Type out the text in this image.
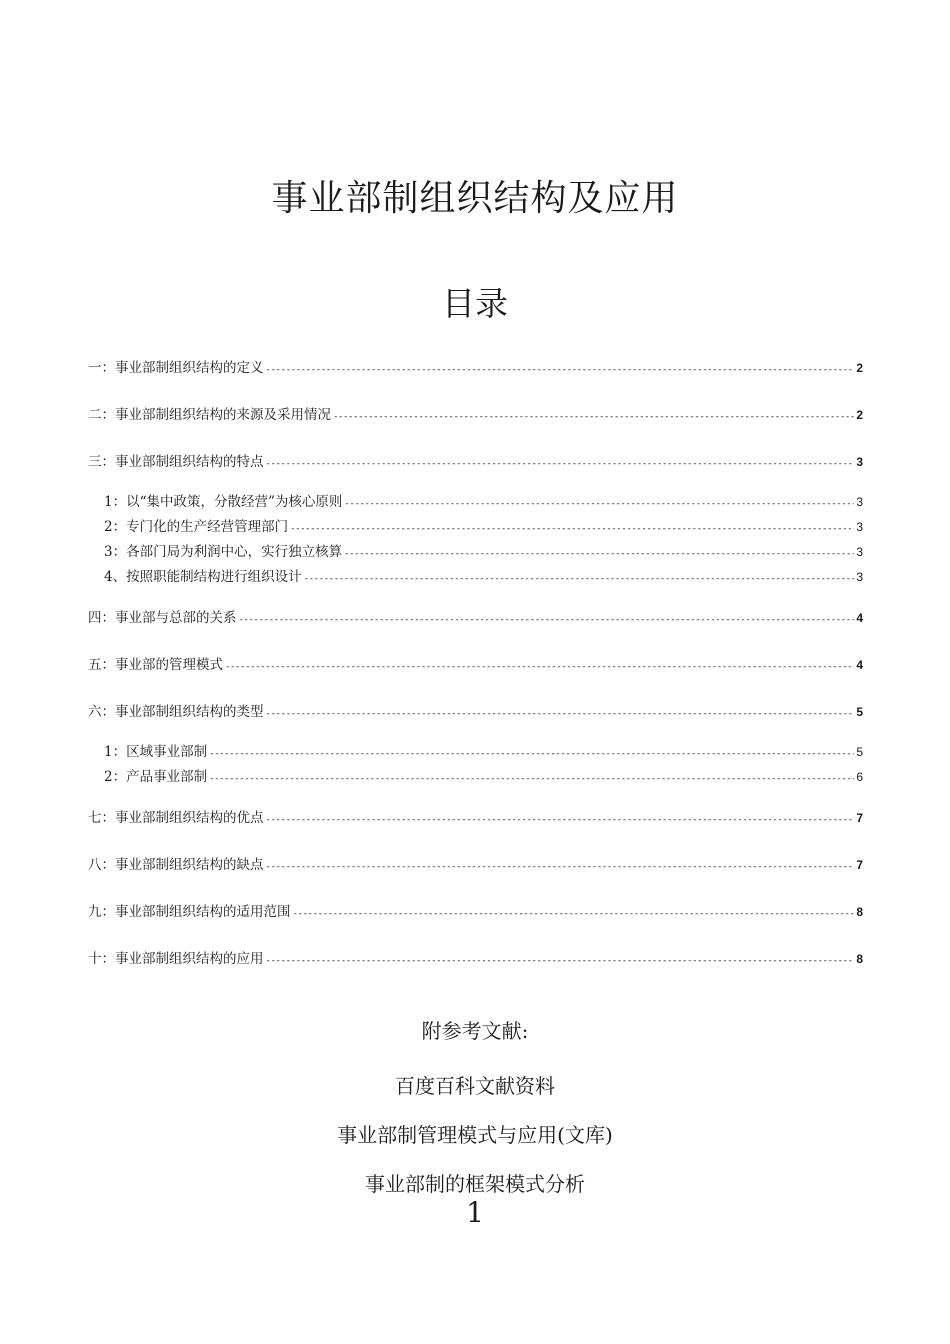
事业部制组织结构及应用
目录
一：事业部制组织结构的定义 -----	2
二：事业部制组织结构的来源及采用情况 -----	2
三：事业部制组织结构的特点 -----	3
1：以“集中政策，分散经营”为核心原则 -----	3
2：专门化的生产经营管理部门 -----	3
3：各部门局为利润中心，实行独立核算 -----	3
4、按照职能制结构进行组织设计 -----	3
四：事业部与总部的关系 -----	4
五：事业部的管理模式 -----	4
六：事业部制组织结构的类型 -----	5
1：区域事业部制 -----	5
2：产品事业部制 -----	6
七：事业部制组织结构的优点 -----	7
八：事业部制组织结构的缺点 -----	7
九：事业部制组织结构的适用范围 -----	8
十：事业部制组织结构的应用 -----	8
附参考文献:
百度百科文献资料
事业部制管理模式与应用(文库)
事业部制的框架模式分析
1
